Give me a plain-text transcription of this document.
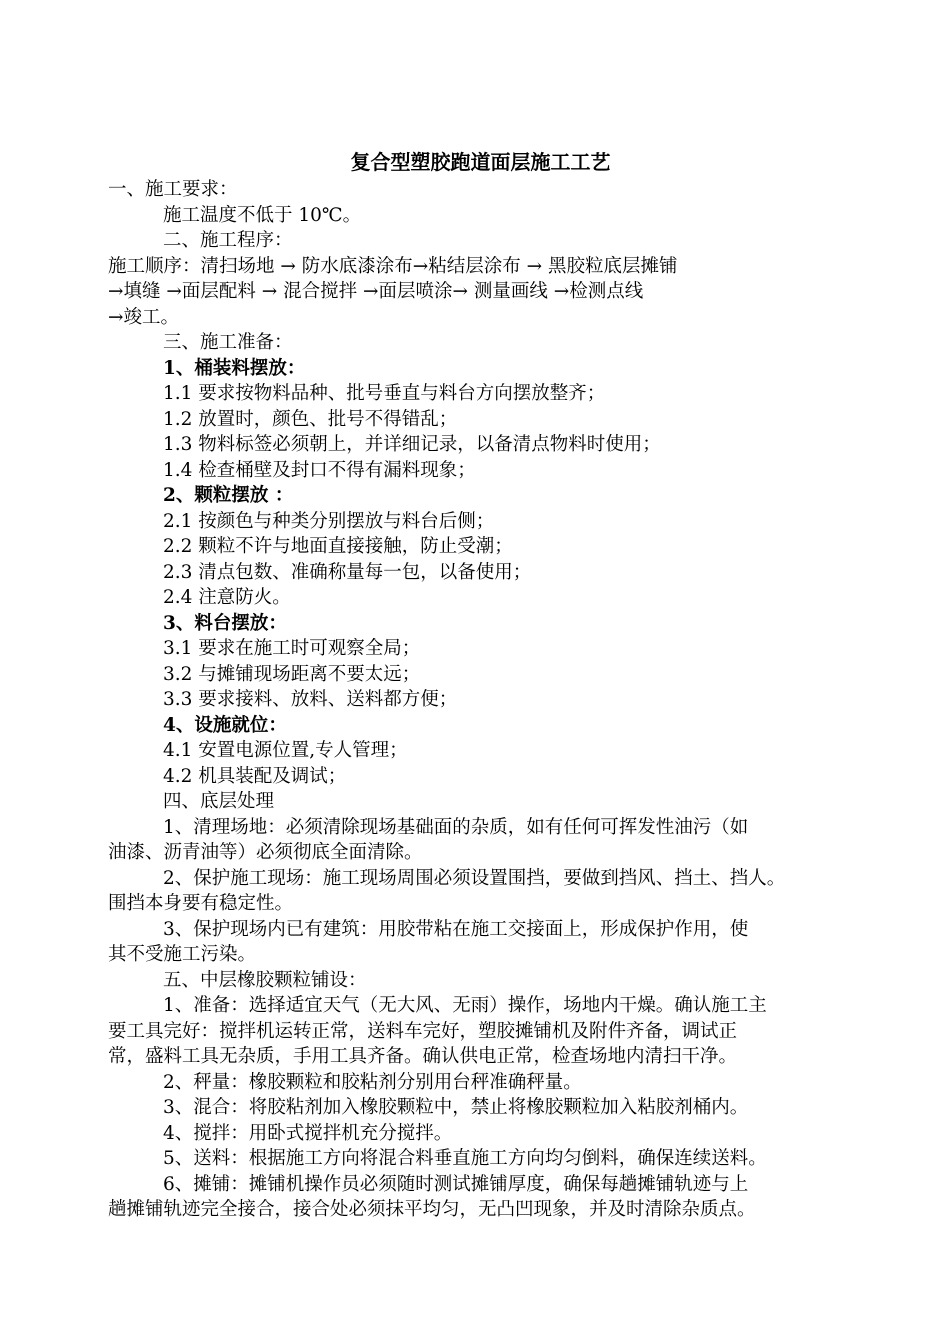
复合型塑胶跑道面层施工工艺
一、施工要求：
施工温度不低于 10℃。
二、施工程序：
施工顺序：清扫场地 → 防水底漆涂布→粘结层涂布 → 黑胶粒底层摊铺
→填缝 →面层配料 → 混合搅拌 →面层喷涂→ 测量画线 →检测点线
→竣工。
三、施工准备：
1、桶装料摆放：
1.1 要求按物料品种、批号垂直与料台方向摆放整齐；
1.2 放置时，颜色、批号不得错乱；
1.3 物料标签必须朝上，并详细记录，以备清点物料时使用；
1.4 检查桶壁及封口不得有漏料现象；
2、颗粒摆放 ：
2.1 按颜色与种类分别摆放与料台后侧；
2.2 颗粒不许与地面直接接触，防止受潮；
2.3 清点包数、准确称量每一包，以备使用；
2.4 注意防火。
3、料台摆放：
3.1 要求在施工时可观察全局；
3.2 与摊铺现场距离不要太远；
3.3 要求接料、放料、送料都方便；
4、设施就位：
4.1 安置电源位置,专人管理；
4.2 机具装配及调试；
四、底层处理
1、清理场地：必须清除现场基础面的杂质，如有任何可挥发性油污（如
油漆、沥青油等）必须彻底全面清除。
2、保护施工现场：施工现场周围必须设置围挡，要做到挡风、挡土、挡人。
围挡本身要有稳定性。
3、保护现场内已有建筑：用胶带粘在施工交接面上，形成保护作用，使
其不受施工污染。
五、中层橡胶颗粒铺设：
1、准备：选择适宜天气（无大风、无雨）操作，场地内干燥。确认施工主
要工具完好：搅拌机运转正常，送料车完好，塑胶摊铺机及附件齐备，调试正
常，盛料工具无杂质，手用工具齐备。确认供电正常，检查场地内清扫干净。
2、秤量：橡胶颗粒和胶粘剂分别用台秤准确秤量。
3、混合：将胶粘剂加入橡胶颗粒中，禁止将橡胶颗粒加入粘胶剂桶内。
4、搅拌：用卧式搅拌机充分搅拌。
5、送料：根据施工方向将混合料垂直施工方向均匀倒料，确保连续送料。
6、摊铺：摊铺机操作员必须随时测试摊铺厚度，确保每趟摊铺轨迹与上
趟摊铺轨迹完全接合，接合处必须抹平均匀，无凸凹现象，并及时清除杂质点。
